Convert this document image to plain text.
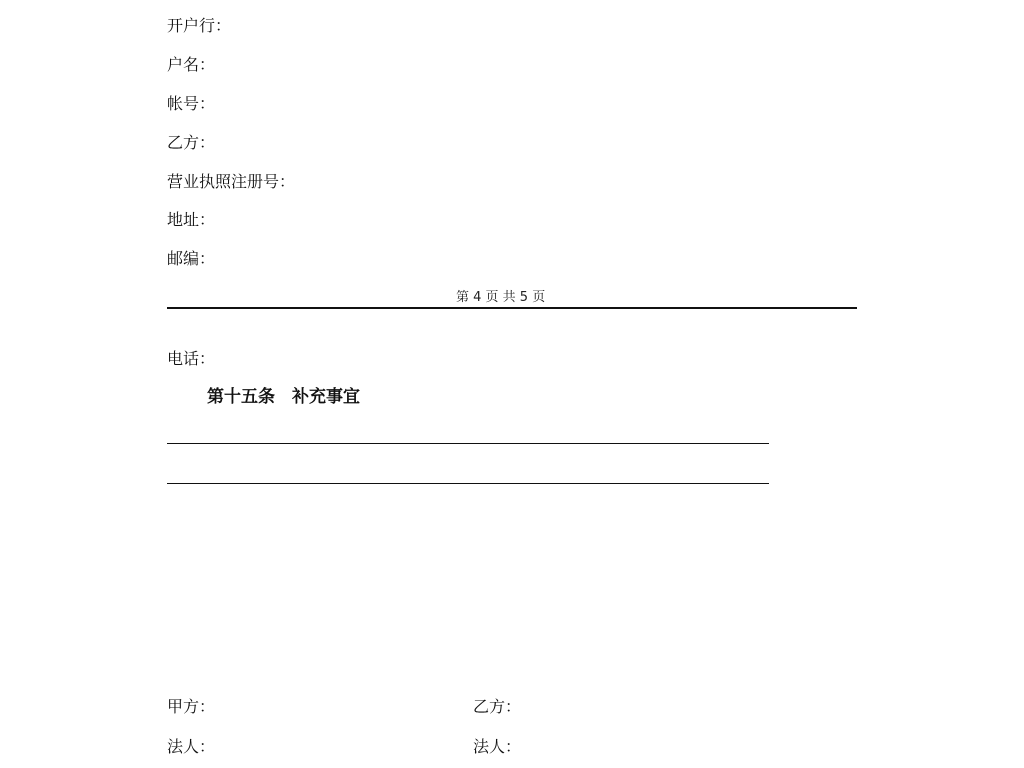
开户行：
户名：
帐号：
乙方：
营业执照注册号：
地址：
邮编：
第 4 页 共 5 页
电话：
第十五条　补充事宜
甲方：	乙方：
法人：	法人：
